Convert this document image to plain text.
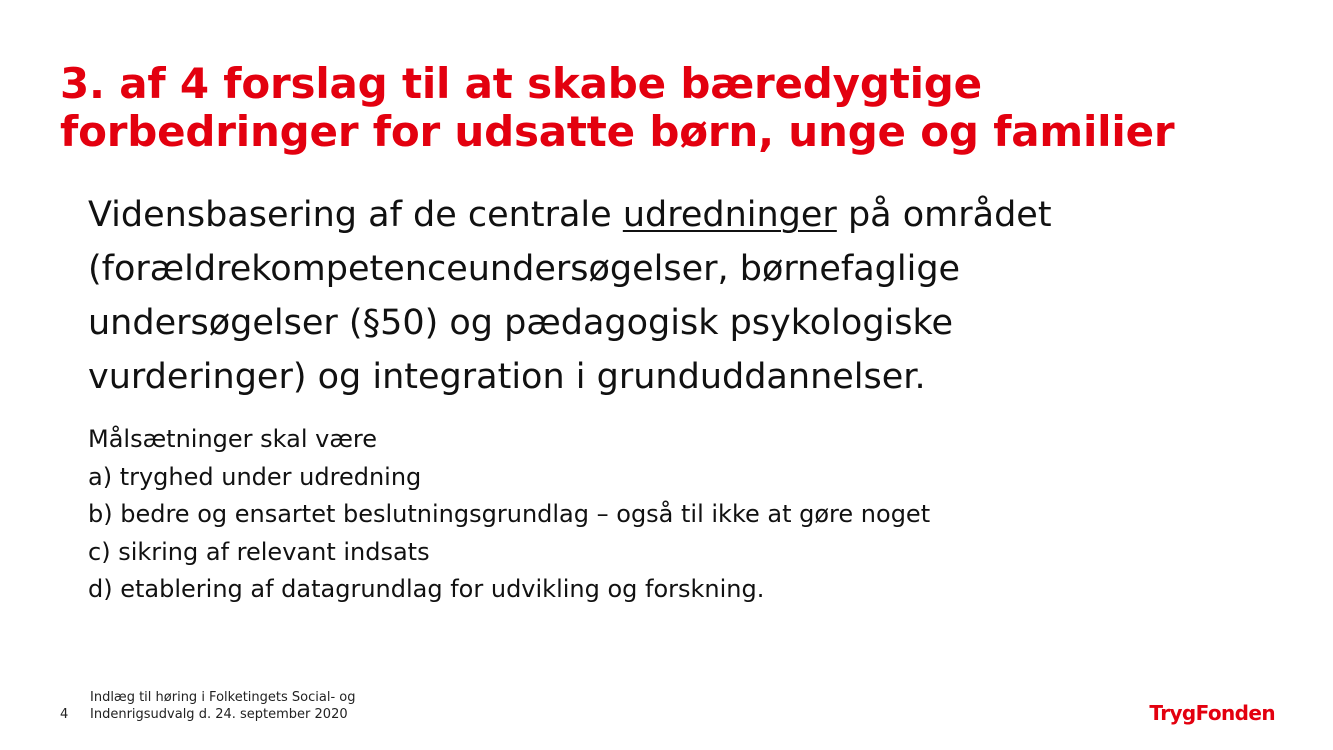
3. af 4 forslag til at skabe bæredygtige
forbedringer for udsatte børn, unge og familier
Vidensbasering af de centrale udredninger på området
(forældrekompetenceundersøgelser, børnefaglige
undersøgelser (§50) og pædagogisk psykologiske
vurderinger) og integration i grunduddannelser.
Målsætninger skal være
a) tryghed under udredning
b) bedre og ensartet beslutningsgrundlag – også til ikke at gøre noget
c) sikring af relevant indsats
d) etablering af datagrundlag for udvikling og forskning.
4
Indlæg til høring i Folketingets Social- og
Indenrigsudvalg d. 24. september 2020	TrygFonden
